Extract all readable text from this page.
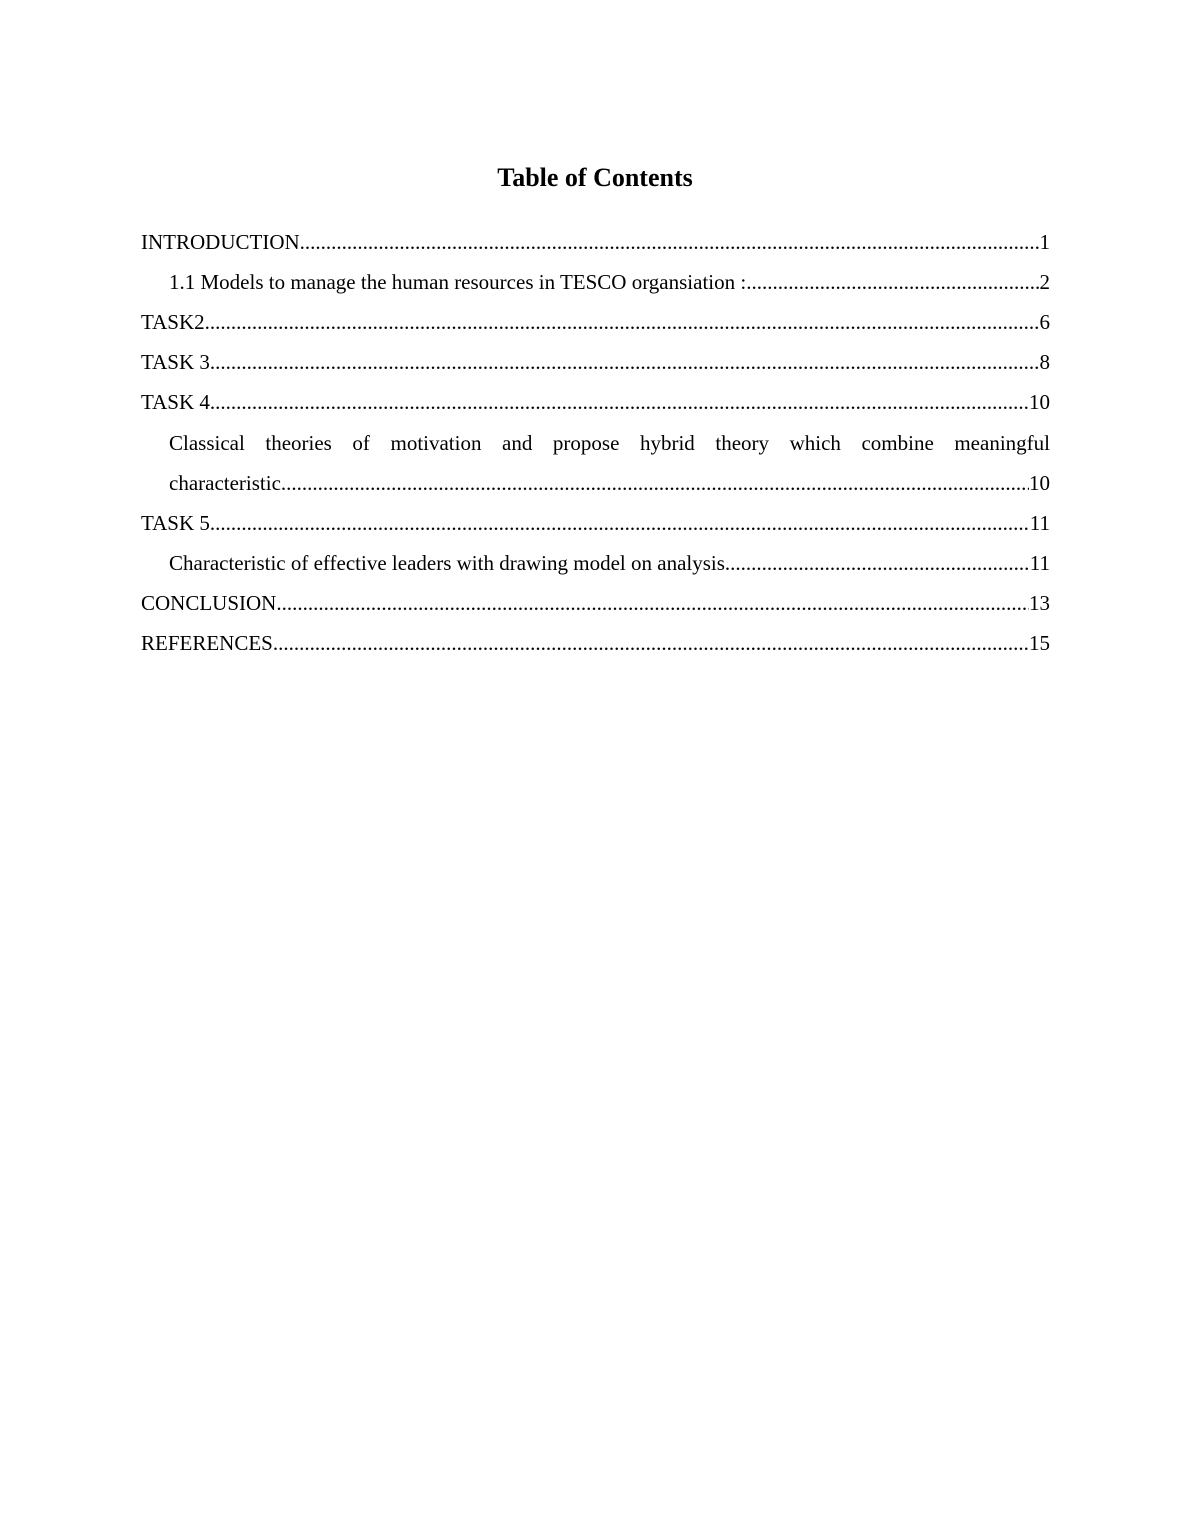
Table of Contents
INTRODUCTION .....	1
1.1 Models to manage the human resources in TESCO organsiation : .....	2
TASK2 .....	6
TASK 3 .....	8
TASK 4 .....	10
Classical theories of motivation and propose hybrid theory which combine meaningful
characteristic .....	10
TASK 5 .....	11
Characteristic of effective leaders with drawing model on analysis .....	11
CONCLUSION .....	13
REFERENCES .....	15
